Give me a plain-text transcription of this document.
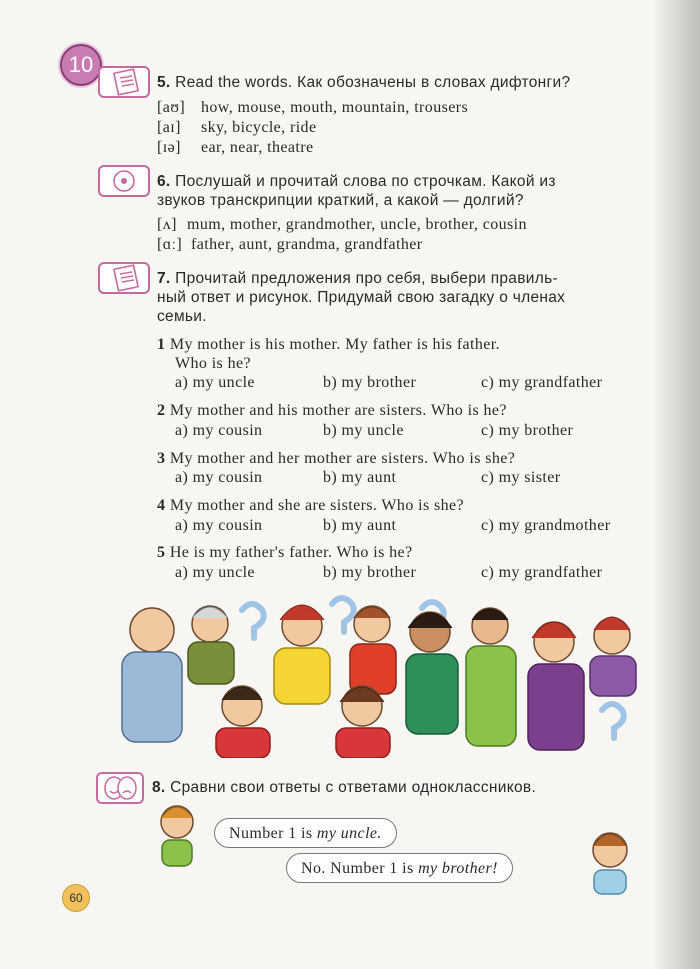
10
5. Read the words. Как обозначены в словах дифтонги?
[aʊ] how, mouse, mouth, mountain, trousers
[aɪ] sky, bicycle, ride
[ɪə] ear, near, theatre
6. Послушай и прочитай слова по строчкам. Какой из
звуков транскрипции краткий, а какой — долгий?
[ʌ] mum, mother, grandmother, uncle, brother, cousin
[ɑː] father, aunt, grandma, grandfather
7. Прочитай предложения про себя, выбери правиль-
ный ответ и рисунок. Придумай свою загадку о членах
семьи.
1 My mother is his mother. My father is his father.
Who is he?
a) my uncle	b) my brother	c) my grandfather
2 My mother and his mother are sisters. Who is he?
a) my cousin	b) my uncle	c) my brother
3 My mother and her mother are sisters. Who is she?
a) my cousin	b) my aunt	c) my sister
4 My mother and she are sisters. Who is she?
a) my cousin	b) my aunt	c) my grandmother
5 He is my father's father. Who is he?
a) my uncle	b) my brother	c) my grandfather
8. Сравни свои ответы с ответами одноклассников.
Number 1 is my uncle.
No. Number 1 is my brother!
60
